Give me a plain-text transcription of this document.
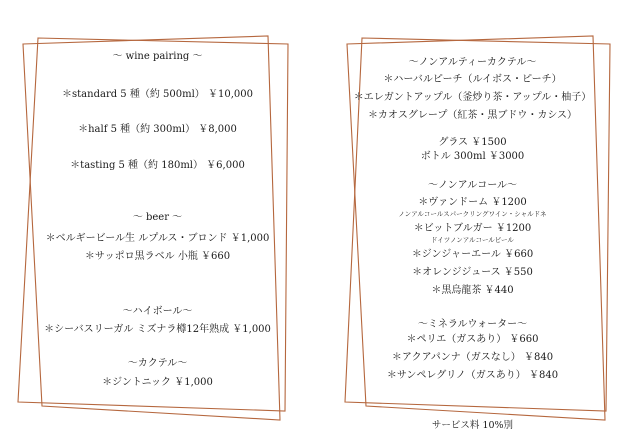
～ wine pairing ～
＊standard 5 種（約 500ml） ￥10,000
＊half 5 種（約 300ml） ￥8,000
＊tasting 5 種（約 180ml） ￥6,000
～ beer ～
＊ベルギービール生 ルプルス・ブロンド ￥1,000
＊サッポロ黒ラベル 小瓶 ￥660
～ハイボール～
＊シーバスリーガル ミズナラ樽12年熟成 ￥1,000
～カクテル～
＊ジントニック ￥1,000
～ノンアルティーカクテル～
＊ハーバルピーチ（ルイボス・ピーチ）
＊エレガントアップル（釜炒り茶・アップル・柚子）
＊カオスグレープ（紅茶・黒ブドウ・カシス）
グラス ￥1500
ボトル 300ml ￥3000
～ノンアルコール～
＊ヴァンドーム ￥1200
ノンアルコールスパークリングワイン・シャルドネ
＊ビットブルガー ￥1200
ドイツノンアルコールビール
＊ジンジャーエール ￥660
＊オレンジジュース ￥550
＊黒烏龍茶 ￥440
～ミネラルウォーター～
＊ペリエ（ガスあり） ￥660
＊アクアパンナ（ガスなし） ￥840
＊サンペレグリノ（ガスあり） ￥840
サービス料 10%別
